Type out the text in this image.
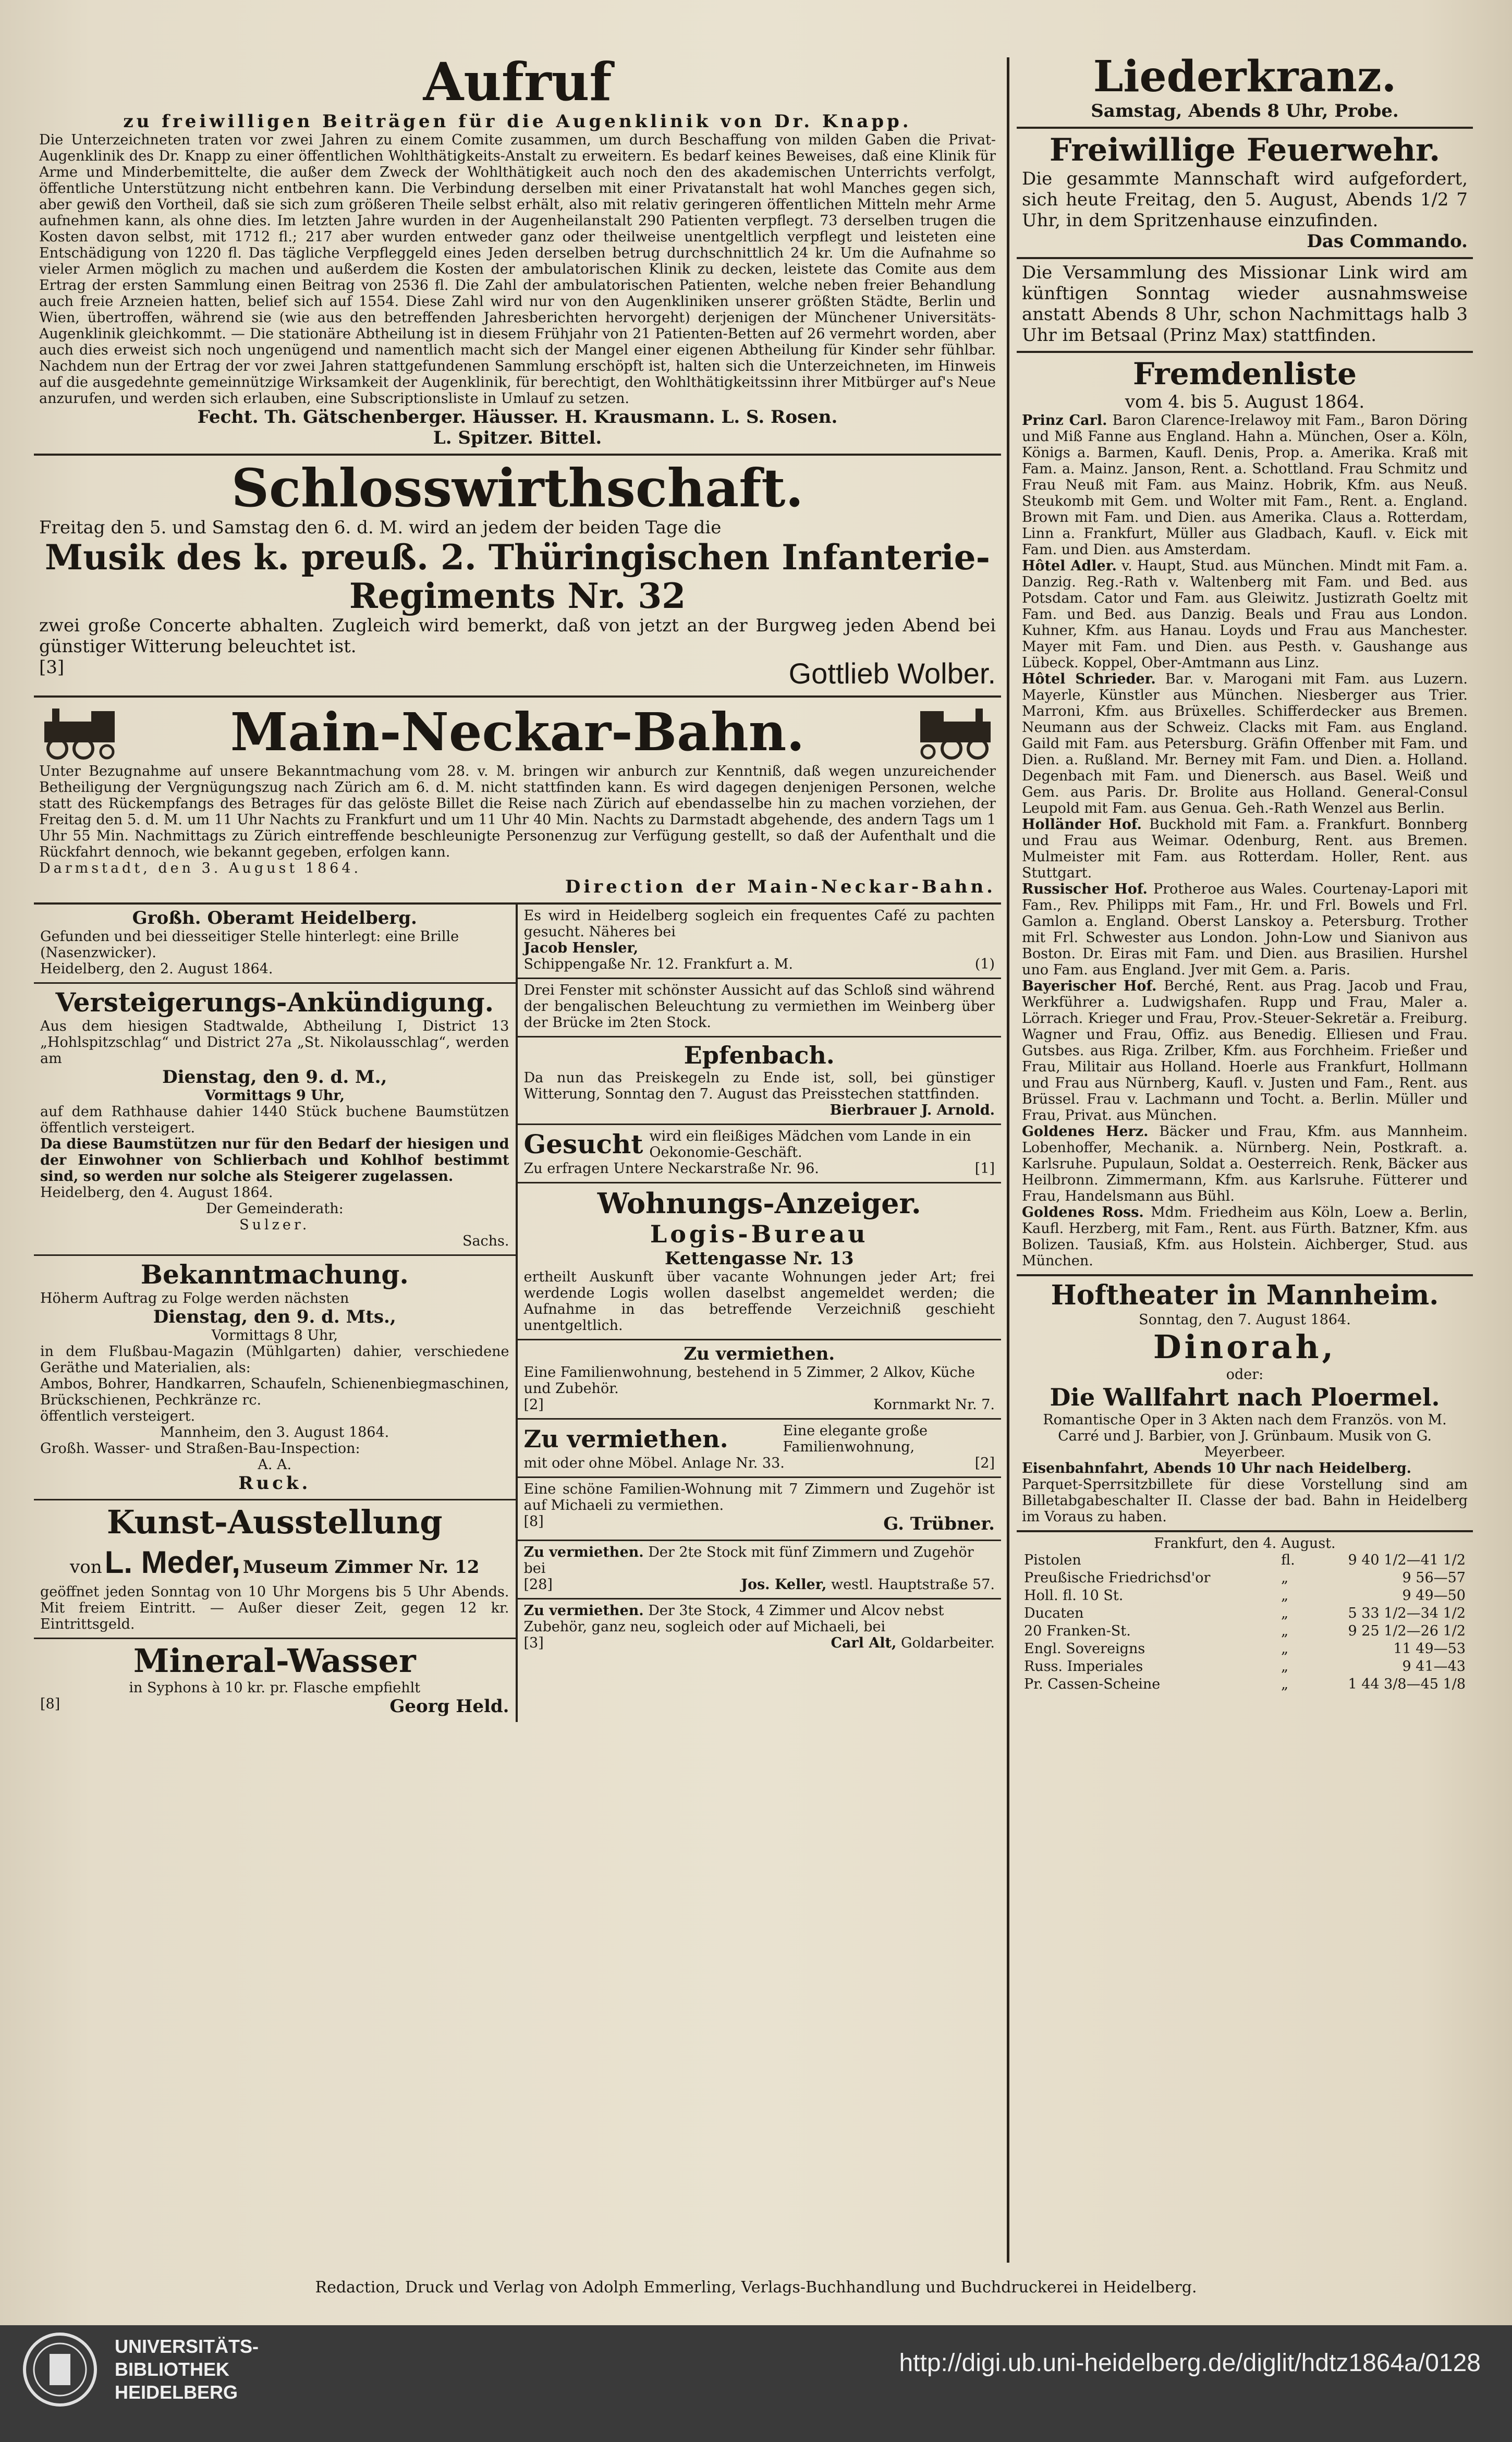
Aufruf
zu freiwilligen Beiträgen für die Augenklinik von Dr. Knapp.
Die Unterzeichneten traten vor zwei Jahren zu einem Comite zusammen, um durch Beschaffung von milden Gaben die Privat-Augenklinik des Dr. Knapp zu einer öffentlichen Wohlthätigkeits-Anstalt zu erweitern. Es bedarf keines Beweises, daß eine Klinik für Arme und Minderbemittelte, die außer dem Zweck der Wohlthätigkeit auch noch den des akademischen Unterrichts verfolgt, öffentliche Unterstützung nicht entbehren kann. Die Verbindung derselben mit einer Privatanstalt hat wohl Manches gegen sich, aber gewiß den Vortheil, daß sie sich zum größeren Theile selbst erhält, also mit relativ geringeren öffentlichen Mitteln mehr Arme aufnehmen kann, als ohne dies. Im letzten Jahre wurden in der Augenheilanstalt 290 Patienten verpflegt. 73 derselben trugen die Kosten davon selbst, mit 1712 fl.; 217 aber wurden entweder ganz oder theilweise unentgeltlich verpflegt und leisteten eine Entschädigung von 1220 fl. Das tägliche Verpfleggeld eines Jeden derselben betrug durchschnittlich 24 kr. Um die Aufnahme so vieler Armen möglich zu machen und außerdem die Kosten der ambulatorischen Klinik zu decken, leistete das Comite aus dem Ertrag der ersten Sammlung einen Beitrag von 2536 fl. Die Zahl der ambulatorischen Patienten, welche neben freier Behandlung auch freie Arzneien hatten, belief sich auf 1554. Diese Zahl wird nur von den Augenkliniken unserer größten Städte, Berlin und Wien, übertroffen, während sie (wie aus den betreffenden Jahresberichten hervorgeht) derjenigen der Münchener Universitäts-Augenklinik gleichkommt. — Die stationäre Abtheilung ist in diesem Frühjahr von 21 Patienten-Betten auf 26 vermehrt worden, aber auch dies erweist sich noch ungenügend und namentlich macht sich der Mangel einer eigenen Abtheilung für Kinder sehr fühlbar. Nachdem nun der Ertrag der vor zwei Jahren stattgefundenen Sammlung erschöpft ist, halten sich die Unterzeichneten, im Hinweis auf die ausgedehnte gemeinnützige Wirksamkeit der Augenklinik, für berechtigt, den Wohlthätigkeitssinn ihrer Mitbürger auf's Neue anzurufen, und werden sich erlauben, eine Subscriptionsliste in Umlauf zu setzen.
Fecht. Th. Gätschenberger. Häusser. H. Krausmann. L. S. Rosen.
L. Spitzer. Bittel.
Schlosswirthschaft.
Freitag den 5. und Samstag den 6. d. M. wird an jedem der beiden Tage die
Musik des k. preuß. 2. Thüringischen Infanterie-
Regiments Nr. 32
zwei große Concerte abhalten. Zugleich wird bemerkt, daß von jetzt an der Burgweg jeden Abend bei günstiger Witterung beleuchtet ist.
[3]	Gottlieb Wolber.
Main-Neckar-Bahn.
Unter Bezugnahme auf unsere Bekanntmachung vom 28. v. M. bringen wir anburch zur Kenntniß, daß wegen unzureichender Betheiligung der Vergnügungszug nach Zürich am 6. d. M. nicht stattfinden kann. Es wird dagegen denjenigen Personen, welche statt des Rückempfangs des Betrages für das gelöste Billet die Reise nach Zürich auf ebendasselbe hin zu machen vorziehen, der Freitag den 5. d. M. um 11 Uhr Nachts zu Frankfurt und um 11 Uhr 40 Min. Nachts zu Darmstadt abgehende, des andern Tags um 1 Uhr 55 Min. Nachmittags zu Zürich eintreffende beschleunigte Personenzug zur Verfügung gestellt, so daß der Aufenthalt und die Rückfahrt dennoch, wie bekannt gegeben, erfolgen kann.
Darmstadt, den 3. August 1864.
Direction der Main-Neckar-Bahn.
Großh. Oberamt Heidelberg.
Gefunden und bei diesseitiger Stelle hinterlegt: eine Brille (Nasenzwicker).
Heidelberg, den 2. August 1864.
Versteigerungs-Ankündigung.
Aus dem hiesigen Stadtwalde, Abtheilung I, District 13 „Hohlspitzschlag“ und District 27a „St. Nikolausschlag“, werden am
Dienstag, den 9. d. M.,
Vormittags 9 Uhr,
auf dem Rathhause dahier 1440 Stück buchene Baumstützen öffentlich versteigert.
Da diese Baumstützen nur für den Bedarf der hiesigen und der Einwohner von Schlierbach und Kohlhof bestimmt sind, so werden nur solche als Steigerer zugelassen.
Heidelberg, den 4. August 1864.
Der Gemeinderath:
Sulzer.
Sachs.
Bekanntmachung.
Höherm Auftrag zu Folge werden nächsten
Dienstag, den 9. d. Mts.,
Vormittags 8 Uhr,
in dem Flußbau-Magazin (Mühlgarten) dahier, verschiedene Geräthe und Materialien, als:
Ambos, Bohrer, Handkarren, Schaufeln, Schienenbiegmaschinen, Brückschienen, Pechkränze rc.
öffentlich versteigert.
Mannheim, den 3. August 1864.
Großh. Wasser- und Straßen-Bau-Inspection:
A. A.
Ruck.
Kunst-Ausstellung
von L. Meder, Museum Zimmer Nr. 12
geöffnet jeden Sonntag von 10 Uhr Morgens bis 5 Uhr Abends. Mit freiem Eintritt. — Außer dieser Zeit, gegen 12 kr. Eintrittsgeld.
Mineral-Wasser
in Syphons à 10 kr. pr. Flasche empfiehlt
[8]	Georg Held.
Es wird in Heidelberg sogleich ein frequentes Café zu pachten gesucht. Näheres bei
Jacob Hensler,
Schippengaße Nr. 12. Frankfurt a. M.	(1)
Drei Fenster mit schönster Aussicht auf das Schloß sind während der bengalischen Beleuchtung zu vermiethen im Weinberg über der Brücke im 2ten Stock.
Epfenbach.
Da nun das Preiskegeln zu Ende ist, soll, bei günstiger Witterung, Sonntag den 7. August das Preisstechen stattfinden.
Bierbrauer J. Arnold.
Gesucht wird ein fleißiges Mädchen vom Lande in ein Oekonomie-Geschäft.
Zu erfragen Untere Neckarstraße Nr. 96.	[1]
Wohnungs-Anzeiger.
Logis-Bureau
Kettengasse Nr. 13
ertheilt Auskunft über vacante Wohnungen jeder Art; frei werdende Logis wollen daselbst angemeldet werden; die Aufnahme in das betreffende Verzeichniß geschieht unentgeltlich.
Zu vermiethen.
Eine Familienwohnung, bestehend in 5 Zimmer, 2 Alkov, Küche und Zubehör.
[2]	Kornmarkt Nr. 7.
Zu vermiethen.	Eine elegante große Familienwohnung,
mit oder ohne Möbel. Anlage Nr. 33.	[2]
Eine schöne Familien-Wohnung mit 7 Zimmern und Zugehör ist auf Michaeli zu vermiethen.
[8]	G. Trübner.
Zu vermiethen. Der 2te Stock mit fünf Zimmern und Zugehör bei
[28]	Jos. Keller, westl. Hauptstraße 57.
Zu vermiethen. Der 3te Stock, 4 Zimmer und Alcov nebst Zubehör, ganz neu, sogleich oder auf Michaeli, bei
[3]	Carl Alt, Goldarbeiter.
Liederkranz.
Samstag, Abends 8 Uhr, Probe.
Freiwillige Feuerwehr.
Die gesammte Mannschaft wird aufgefordert, sich heute Freitag, den 5. August, Abends 1/2 7 Uhr, in dem Spritzenhause einzufinden.
Das Commando.
Die Versammlung des Missionar Link wird am künftigen Sonntag wieder ausnahmsweise anstatt Abends 8 Uhr, schon Nachmittags halb 3 Uhr im Betsaal (Prinz Max) stattfinden.
Fremdenliste
vom 4. bis 5. August 1864.
Prinz Carl. Baron Clarence-Irelawoy mit Fam., Baron Döring und Miß Fanne aus England. Hahn a. München, Oser a. Köln, Königs a. Barmen, Kaufl. Denis, Prop. a. Amerika. Kraß mit Fam. a. Mainz. Janson, Rent. a. Schottland. Frau Schmitz und Frau Neuß mit Fam. aus Mainz. Hobrik, Kfm. aus Neuß. Steukomb mit Gem. und Wolter mit Fam., Rent. a. England. Brown mit Fam. und Dien. aus Amerika. Claus a. Rotterdam, Linn a. Frankfurt, Müller aus Gladbach, Kaufl. v. Eick mit Fam. und Dien. aus Amsterdam.
Hôtel Adler. v. Haupt, Stud. aus München. Mindt mit Fam. a. Danzig. Reg.-Rath v. Waltenberg mit Fam. und Bed. aus Potsdam. Cator und Fam. aus Gleiwitz. Justizrath Goeltz mit Fam. und Bed. aus Danzig. Beals und Frau aus London. Kuhner, Kfm. aus Hanau. Loyds und Frau aus Manchester. Mayer mit Fam. und Dien. aus Pesth. v. Gaushange aus Lübeck. Koppel, Ober-Amtmann aus Linz.
Hôtel Schrieder. Bar. v. Marogani mit Fam. aus Luzern. Mayerle, Künstler aus München. Niesberger aus Trier. Marroni, Kfm. aus Brüxelles. Schifferdecker aus Bremen. Neumann aus der Schweiz. Clacks mit Fam. aus England. Gaild mit Fam. aus Petersburg. Gräfin Offenber mit Fam. und Dien. a. Rußland. Mr. Berney mit Fam. und Dien. a. Holland. Degenbach mit Fam. und Dienersch. aus Basel. Weiß und Gem. aus Paris. Dr. Brolite aus Holland. General-Consul Leupold mit Fam. aus Genua. Geh.-Rath Wenzel aus Berlin.
Holländer Hof. Buckhold mit Fam. a. Frankfurt. Bonnberg und Frau aus Weimar. Odenburg, Rent. aus Bremen. Mulmeister mit Fam. aus Rotterdam. Holler, Rent. aus Stuttgart.
Russischer Hof. Protheroe aus Wales. Courtenay-Lapori mit Fam., Rev. Philipps mit Fam., Hr. und Frl. Bowels und Frl. Gamlon a. England. Oberst Lanskoy a. Petersburg. Trother mit Frl. Schwester aus London. John-Low und Sianivon aus Boston. Dr. Eiras mit Fam. und Dien. aus Brasilien. Hurshel uno Fam. aus England. Jver mit Gem. a. Paris.
Bayerischer Hof. Berché, Rent. aus Prag. Jacob und Frau, Werkführer a. Ludwigshafen. Rupp und Frau, Maler a. Lörrach. Krieger und Frau, Prov.-Steuer-Sekretär a. Freiburg. Wagner und Frau, Offiz. aus Benedig. Elliesen und Frau. Gutsbes. aus Riga. Zrilber, Kfm. aus Forchheim. Frießer und Frau, Militair aus Holland. Hoerle aus Frankfurt, Hollmann und Frau aus Nürnberg, Kaufl. v. Justen und Fam., Rent. aus Brüssel. Frau v. Lachmann und Tocht. a. Berlin. Müller und Frau, Privat. aus München.
Goldenes Herz. Bäcker und Frau, Kfm. aus Mannheim. Lobenhoffer, Mechanik. a. Nürnberg. Nein, Postkraft. a. Karlsruhe. Pupulaun, Soldat a. Oesterreich. Renk, Bäcker aus Heilbronn. Zimmermann, Kfm. aus Karlsruhe. Fütterer und Frau, Handelsmann aus Bühl.
Goldenes Ross. Mdm. Friedheim aus Köln, Loew a. Berlin, Kaufl. Herzberg, mit Fam., Rent. aus Fürth. Batzner, Kfm. aus Bolizen. Tausiaß, Kfm. aus Holstein. Aichberger, Stud. aus München.
Hoftheater in Mannheim.
Sonntag, den 7. August 1864.
Dinorah,
oder:
Die Wallfahrt nach Ploermel.
Romantische Oper in 3 Akten nach dem Französ. von M. Carré und J. Barbier, von J. Grünbaum. Musik von G. Meyerbeer.
Eisenbahnfahrt, Abends 10 Uhr nach Heidelberg.
Parquet-Sperrsitzbillete für diese Vorstellung sind am Billetabgabeschalter II. Classe der bad. Bahn in Heidelberg im Voraus zu haben.
Frankfurt, den 4. August.
Pistolen	fl.	9 40 1/2—41 1/2
Preußische Friedrichsd'or	„	9 56—57
Holl. fl. 10 St.	„	9 49—50
Ducaten	„	5 33 1/2—34 1/2
20 Franken-St.	„	9 25 1/2—26 1/2
Engl. Sovereigns	„	11 49—53
Russ. Imperiales	„	9 41—43
Pr. Cassen-Scheine	„	1 44 3/8—45 1/8
Redaction, Druck und Verlag von Adolph Emmerling, Verlags-Buchhandlung und Buchdruckerei in Heidelberg.
UNIVERSITÄTS-
BIBLIOTHEK
HEIDELBERG
http://digi.ub.uni-heidelberg.de/diglit/hdtz1864a/0128
